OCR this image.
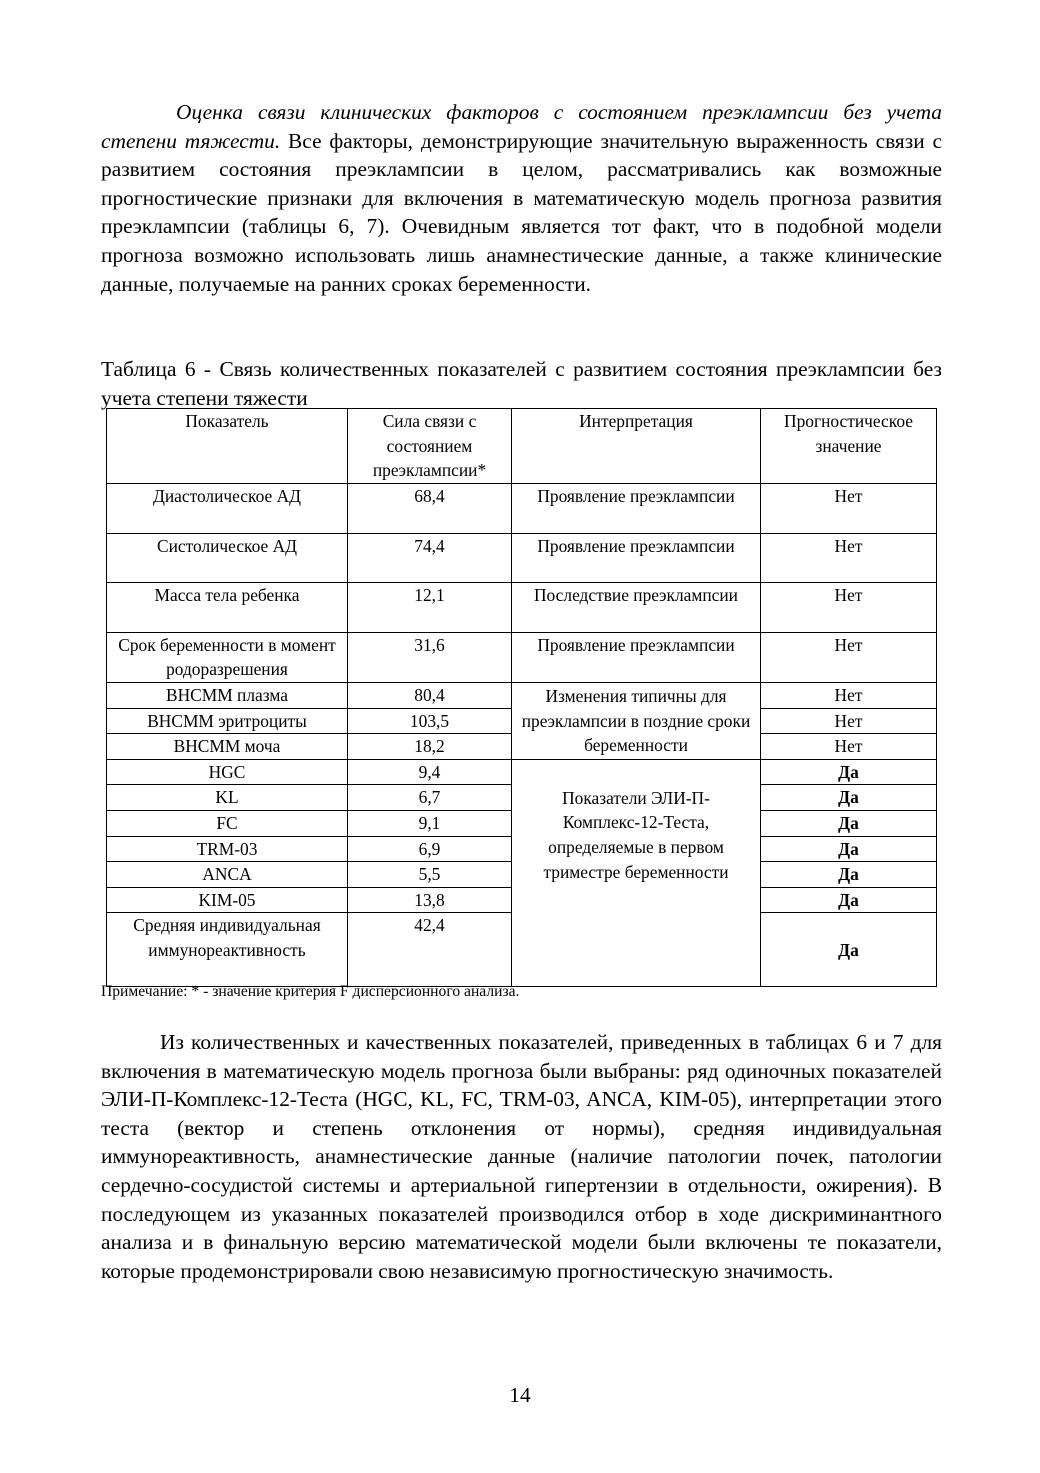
Оценка связи клинических факторов с состоянием преэклампсии без учета степени тяжести. Все факторы, демонстрирующие значительную выраженность связи с развитием состояния преэклампсии в целом, рассматривались как возможные прогностические признаки для включения в математическую модель прогноза развития преэклампсии (таблицы 6, 7). Очевидным является тот факт, что в подобной модели прогноза возможно использовать лишь анамнестические данные, а также клинические данные, получаемые на ранних сроках беременности.

Таблица 6 - Связь количественных показателей с развитием состояния преэклампсии без учета степени тяжести

Показатель	Сила связи с состоянием преэклампсии*	Интерпретация	Прогностическое значение
Диастолическое АД	68,4	Проявление преэклампсии	Нет
Систолическое АД	74,4	Проявление преэклампсии	Нет
Масса тела ребенка	12,1	Последствие преэклампсии	Нет
Срок беременности в момент родоразрешения	31,6	Проявление преэклампсии	Нет
ВНСММ плазма	80,4	Изменения типичны для преэклампсии в поздние сроки беременности	Нет
ВНСММ эритроциты	103,5		Нет
ВНСММ моча	18,2		Нет
HGC	9,4	Показатели ЭЛИ-П-Комплекс-12-Теста, определяемые в первом триместре беременности	Да
KL	6,7		Да
FC	9,1		Да
TRM-03	6,9		Да
ANCA	5,5		Да
KIM-05	13,8		Да
Средняя индивидуальная иммунореактивность	42,4		Да

Примечание: * - значение критерия F дисперсионного анализа.

Из количественных и качественных показателей, приведенных в таблицах 6 и 7 для включения в математическую модель прогноза были выбраны: ряд одиночных показателей ЭЛИ-П-Комплекс-12-Теста (HGC, KL, FC, TRM-03, ANCA, KIM-05), интерпретации этого теста (вектор и степень отклонения от нормы), средняя индивидуальная иммунореактивность, анамнестические данные (наличие патологии почек, патологии сердечно-сосудистой системы и артериальной гипертензии в отдельности, ожирения). В последующем из указанных показателей производился отбор в ходе дискриминантного анализа и в финальную версию математической модели были включены те показатели, которые продемонстрировали свою независимую прогностическую значимость.

14
